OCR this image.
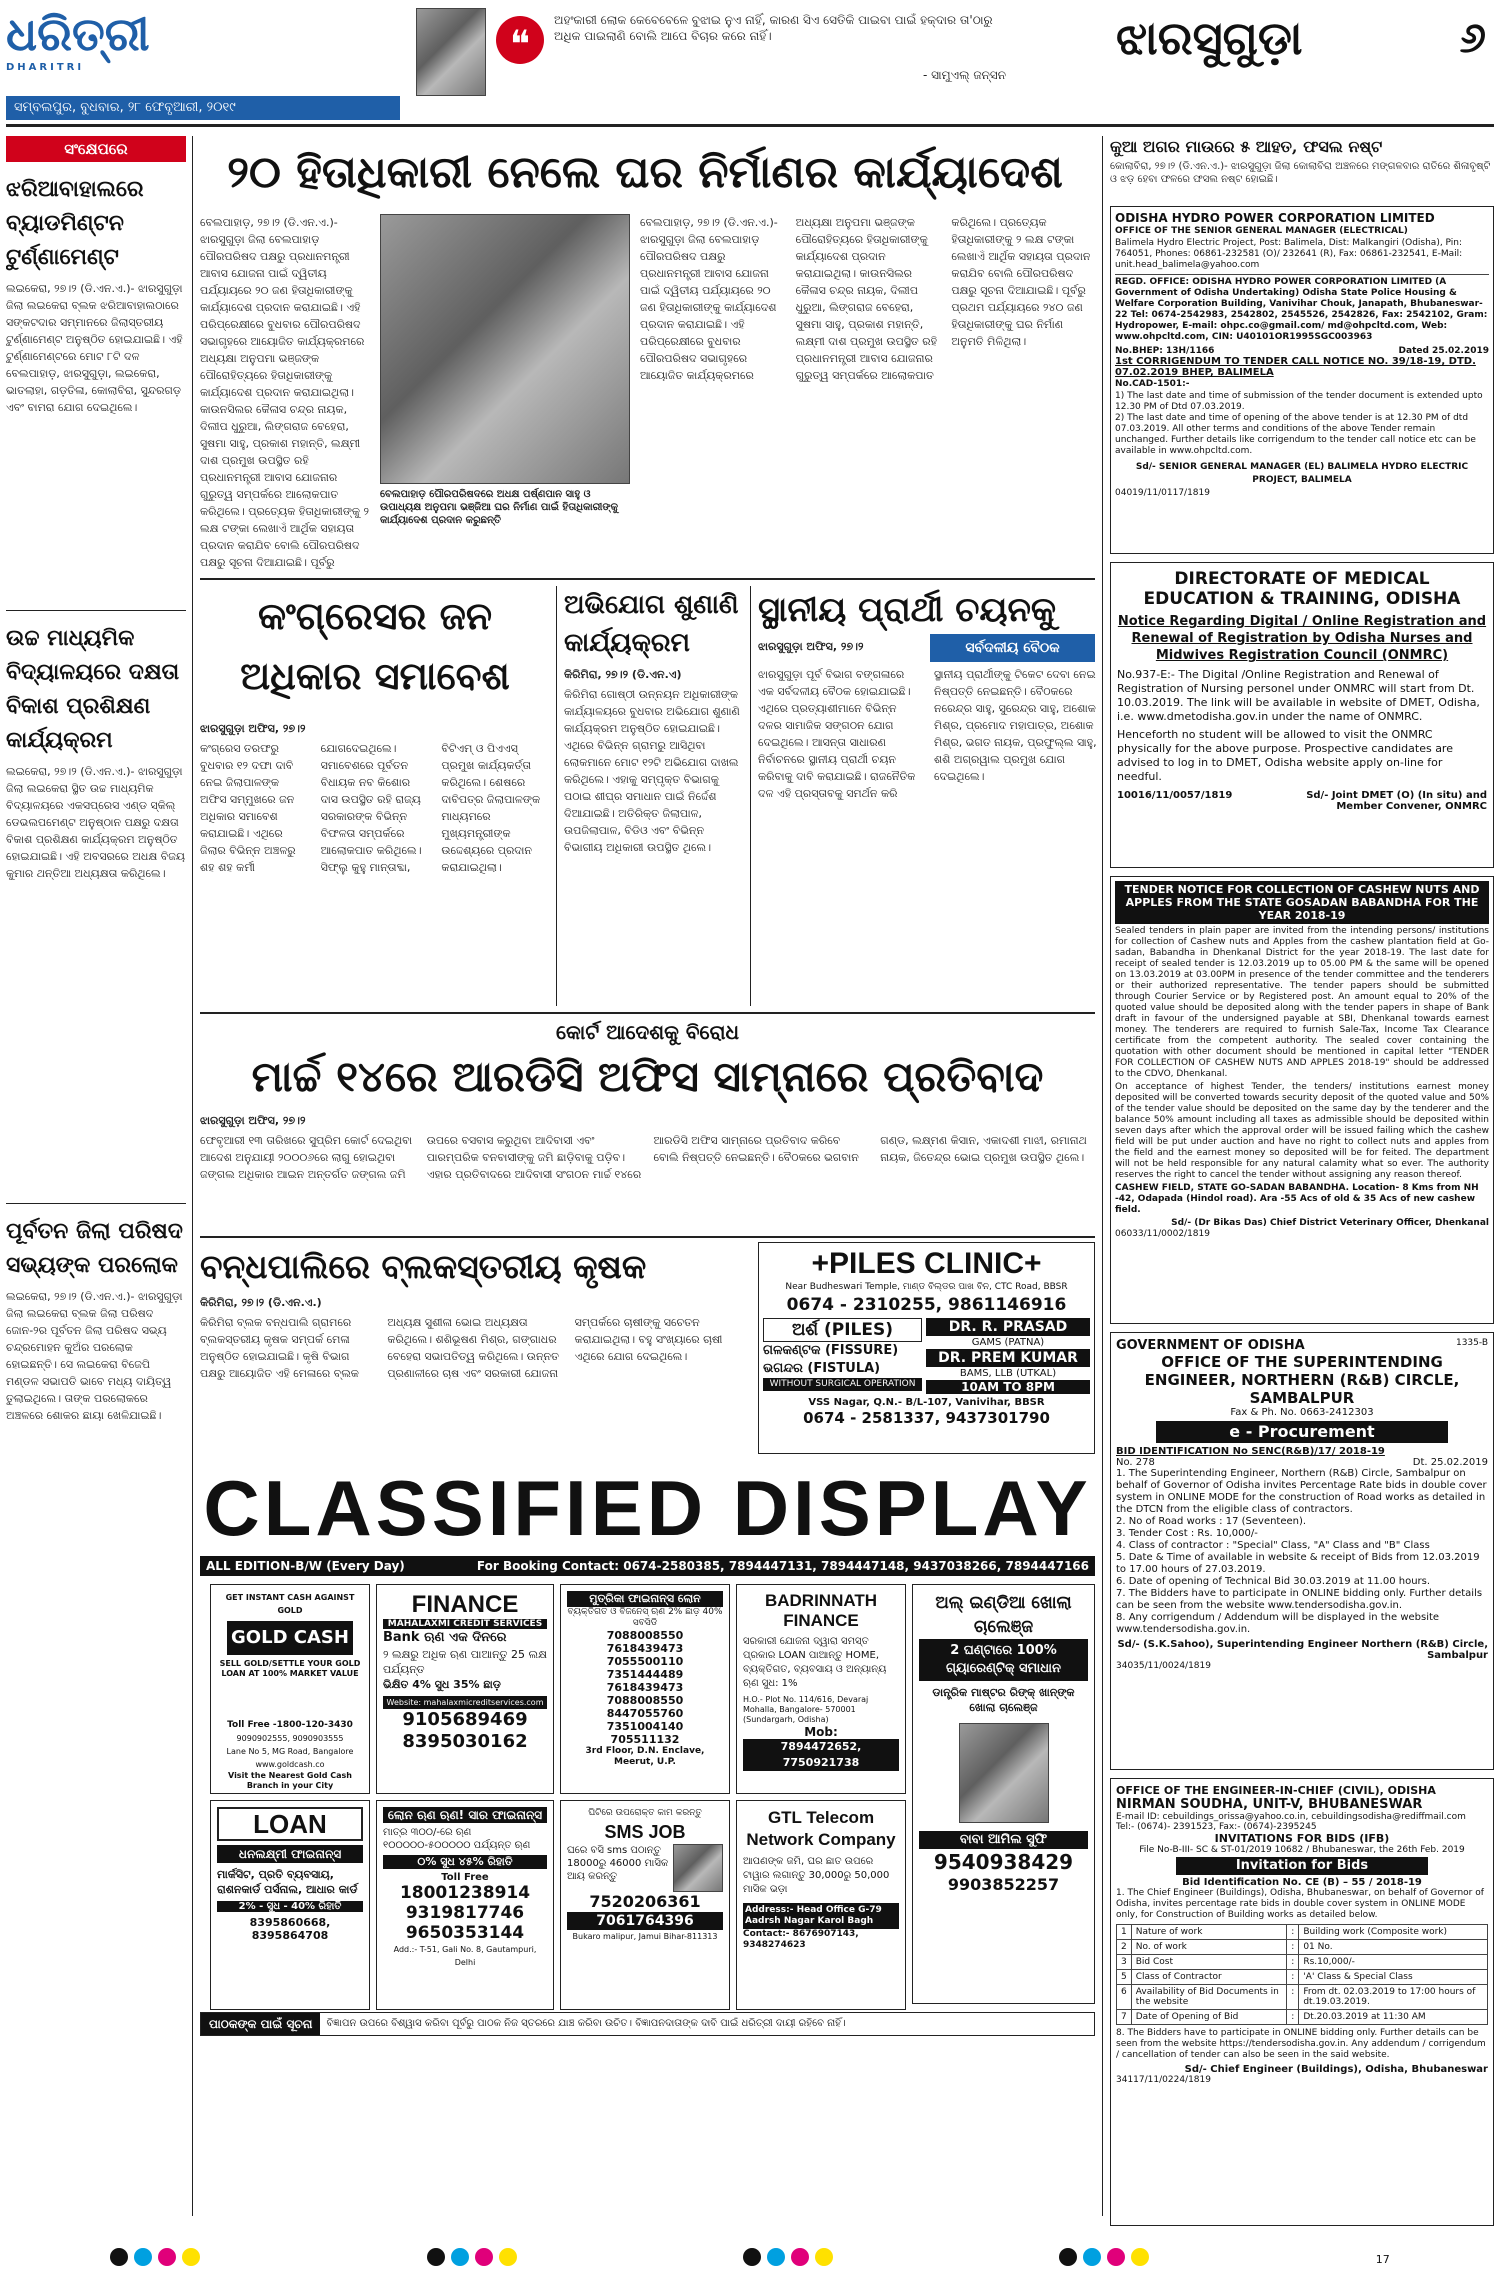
ଧରିତ୍ରୀ
DHARITRI
❝
ଅହଂକାରୀ ଲୋକ କେବେବେଳେ ବୁଝାଇ ନୁଏ ନାହିଁ, କାରଣ ସିଏ ସେତିକି ପାଇବା ପାଇଁ ହକ୍‌ଦାର ତା'ଠାରୁ ଅଧିକ ପାଇଲାଣି ବୋଲି ଆପେ ବିଚାର କରେ ନାହିଁ।
- ସାମୁଏଲ୍ ଜନ୍‌ସନ
ଝାରସୁଗୁଡ଼ା	୬
ସମ୍ବଲପୁର, ବୁଧବାର, ୨୮ ଫେବୃଆରୀ, ୨୦୧୯
ସଂକ୍ଷେପରେ
ଝରିଆବାହାଲରେ ବ୍ୟାଡମିଣ୍ଟନ ଟୁର୍ଣ୍ଣାମେଣ୍ଟ
ଲଇକେରା, ୨୭।୨ (ଡି.ଏନ.ଏ.)- ଝାରସୁଗୁଡ଼ା ଜିଲା ଲଇକେରା ବ୍ଲକ ଝରିଆବାହାଲଠାରେ ସଙ୍କଟଦାର ସମ୍ମାନରେ ଜିଲାସ୍ତରୀୟ ଟୁର୍ଣ୍ଣାମେଣ୍ଟ ଅନୁଷ୍ଠିତ ହୋଇଯାଇଛି। ଏହି ଟୁର୍ଣ୍ଣାମେଣ୍ଟରେ ମୋଟ ୮ଟି ଦଳ ବେଲପାହାଡ଼, ଝାରସୁଗୁଡ଼ା, ଲଇକେରା, ଭାତଲାହା, ଗଡ଼ତିଳା, କୋଲାବିରା, ସୁନ୍ଦରଗଡ଼ ଏବଂ ବାମରା ଯୋଗ ଦେଇଥିଲେ।
ଉଚ୍ଚ ମାଧ୍ୟମିକ ବିଦ୍ୟାଳୟରେ ଦକ୍ଷତା ବିକାଶ ପ୍ରଶିକ୍ଷଣ କାର୍ଯ୍ୟକ୍ରମ
ଲଇକେରା, ୨୭।୨ (ଡି.ଏନ.ଏ.)- ଝାରସୁଗୁଡ଼ା ଜିଲା ଲଇକେରା ସ୍ଥିତ ଉଚ୍ଚ ମାଧ୍ୟମିକ ବିଦ୍ୟାଳୟରେ ଏକସପ୍ରେସ ଏଣ୍ଡ ସ୍କିଲ୍ ଡେଭଲପମେଣ୍ଟ ଅନୁଷ୍ଠାନ ପକ୍ଷରୁ ଦକ୍ଷତା ବିକାଶ ପ୍ରଶିକ୍ଷଣ କାର୍ଯ୍ୟକ୍ରମ ଅନୁଷ୍ଠିତ ହୋଇଯାଇଛି। ଏହି ଅବସରରେ ଅଧକ୍ଷ ବିଜୟ କୁମାର ଥନ୍ତିଆ ଅଧ୍ୟକ୍ଷତା କରିଥିଲେ।
ପୂର୍ବତନ ଜିଲା ପରିଷଦ ସଭ୍ୟଙ୍କ ପରଲୋକ
ଲଇକେରା, ୨୭।୨ (ଡି.ଏନ.ଏ.)- ଝାରସୁଗୁଡ଼ା ଜିଲା ଲଇକେରା ବ୍ଲକ ଜିଲା ପରିଷଦ ଜୋନ-୨ର ପୂର୍ବତନ ଜିଲା ପରିଷଦ ସଭ୍ୟ ଚନ୍ଦ୍ରମୋହନ କୁଅଁର ପରଲୋକ ହୋଇଛନ୍ତି। ସେ ଲଇକେରା ବିଜେପି ମଣ୍ଡଳ ସଭାପତି ଭାବେ ମଧ୍ୟ ଦାୟିତ୍ୱ ତୁଲାଇଥିଲେ। ତାଙ୍କ ପରଲୋକରେ ଅଞ୍ଚଳରେ ଶୋକର ଛାୟା ଖେଳିଯାଇଛି।
୨୦ ହିତାଧିକାରୀ ନେଲେ ଘର ନିର୍ମାଣର କାର୍ଯ୍ୟାଦେଶ
ବେଲପାହାଡ଼ ପୌରପରିଷଦରେ ଅଧକ୍ଷ ପର୍ଷ୍ଣପାନ ସାହୁ ଓ ଉପାଧ୍ୟକ୍ଷ ଅନୁପମା ଭଞ୍ଜିଆ ଘର ନିର୍ମାଣ ପାଇଁ ହିତାଧିକାରୀଙ୍କୁ କାର୍ଯ୍ୟାଦେଶ ପ୍ରଦାନ କରୁଛନ୍ତି
ବେଲପାହାଡ଼, ୨୭।୨ (ଡି.ଏନ.ଏ.)- ଝାରସୁଗୁଡ଼ା ଜିଲା ବେଲପାହାଡ଼ ପୌରପରିଷଦ ପକ୍ଷରୁ ପ୍ରଧାନମନ୍ତ୍ରୀ ଆବାସ ଯୋଜନା ପାଇଁ ଦ୍ୱିତୀୟ ପର୍ଯ୍ୟାୟରେ ୨୦ ଜଣ ହିତାଧିକାରୀଙ୍କୁ କାର୍ଯ୍ୟାଦେଶ ପ୍ରଦାନ କରାଯାଇଛି। ଏହି ପରିପ୍ରେକ୍ଷୀରେ ବୁଧବାର ପୌରପରିଷଦ ସଭାଗୃହରେ ଆୟୋଜିତ କାର୍ଯ୍ୟକ୍ରମରେ ଅଧ୍ୟକ୍ଷା ଅନୁପମା ଭଞ୍ଜଙ୍କ ପୌରୋହିତ୍ୟରେ ହିତାଧିକାରୀଙ୍କୁ କାର୍ଯ୍ୟାଦେଶ ପ୍ରଦାନ କରାଯାଇଥିଲା। କାଉନସିଲର କୈଳାସ ଚନ୍ଦ୍ର ନାୟକ, ଦିଲୀପ ଧୁରୁଆ, ଲିଙ୍ଗରାଜ ବେହେରା, ସୁଷମା ସାହୁ, ପ୍ରକାଶ ମହାନ୍ତି, ଲକ୍ଷ୍ମୀ ଦାଶ ପ୍ରମୁଖ ଉପସ୍ଥିତ ରହି ପ୍ରଧାନମନ୍ତ୍ରୀ ଆବାସ ଯୋଜନାର ଗୁରୁତ୍ୱ ସମ୍ପର୍କରେ ଆଲୋକପାତ କରିଥିଲେ। ପ୍ରତ୍ୟେକ ହିତାଧିକାରୀଙ୍କୁ ୨ ଲକ୍ଷ ଟଙ୍କା ଲେଖାଏଁ ଆର୍ଥିକ ସହାୟତା ପ୍ରଦାନ କରାଯିବ ବୋଲି ପୌରପରିଷଦ ପକ୍ଷରୁ ସୂଚନା ଦିଆଯାଇଛି। ପୂର୍ବରୁ
ବେଲପାହାଡ଼, ୨୭।୨ (ଡି.ଏନ.ଏ.)- ଝାରସୁଗୁଡ଼ା ଜିଲା ବେଲପାହାଡ଼ ପୌରପରିଷଦ ପକ୍ଷରୁ ପ୍ରଧାନମନ୍ତ୍ରୀ ଆବାସ ଯୋଜନା ପାଇଁ ଦ୍ୱିତୀୟ ପର୍ଯ୍ୟାୟରେ ୨୦ ଜଣ ହିତାଧିକାରୀଙ୍କୁ କାର୍ଯ୍ୟାଦେଶ ପ୍ରଦାନ କରାଯାଇଛି। ଏହି ପରିପ୍ରେକ୍ଷୀରେ ବୁଧବାର ପୌରପରିଷଦ ସଭାଗୃହରେ ଆୟୋଜିତ କାର୍ଯ୍ୟକ୍ରମରେ ଅଧ୍ୟକ୍ଷା ଅନୁପମା ଭଞ୍ଜଙ୍କ ପୌରୋହିତ୍ୟରେ ହିତାଧିକାରୀଙ୍କୁ କାର୍ଯ୍ୟାଦେଶ ପ୍ରଦାନ କରାଯାଇଥିଲା। କାଉନସିଲର କୈଳାସ ଚନ୍ଦ୍ର ନାୟକ, ଦିଲୀପ ଧୁରୁଆ, ଲିଙ୍ଗରାଜ ବେହେରା, ସୁଷମା ସାହୁ, ପ୍ରକାଶ ମହାନ୍ତି, ଲକ୍ଷ୍ମୀ ଦାଶ ପ୍ରମୁଖ ଉପସ୍ଥିତ ରହି ପ୍ରଧାନମନ୍ତ୍ରୀ ଆବାସ ଯୋଜନାର ଗୁରୁତ୍ୱ ସମ୍ପର୍କରେ ଆଲୋକପାତ କରିଥିଲେ। ପ୍ରତ୍ୟେକ ହିତାଧିକାରୀଙ୍କୁ ୨ ଲକ୍ଷ ଟଙ୍କା ଲେଖାଏଁ ଆର୍ଥିକ ସହାୟତା ପ୍ରଦାନ କରାଯିବ ବୋଲି ପୌରପରିଷଦ ପକ୍ଷରୁ ସୂଚନା ଦିଆଯାଇଛି। ପୂର୍ବରୁ ପ୍ରଥମ ପର୍ଯ୍ୟାୟରେ ୨୪୦ ଜଣ ହିତାଧିକାରୀଙ୍କୁ ଘର ନିର୍ମାଣ ଅନୁମତି ମିଳିଥିଲା।
କଂଗ୍ରେସର ଜନ ଅଧିକାର ସମାବେଶ
ଝାରସୁଗୁଡ଼ା ଅଫିସ, ୨୭।୨
କଂଗ୍ରେସ ତରଫରୁ ବୁଧବାର ୧୨ ଦଫା ଦାବି ନେଇ ଜିଲାପାଳଙ୍କ ଅଫିସ ସମ୍ମୁଖରେ ଜନ ଅଧିକାର ସମାବେଶ କରାଯାଇଛି। ଏଥିରେ ଜିଲାର ବିଭିନ୍ନ ଅଞ୍ଚଳରୁ ଶହ ଶହ କର୍ମୀ ଯୋଗଦେଇଥିଲେ। ସମାବେଶରେ ପୂର୍ବତନ ବିଧାୟକ ନବ କିଶୋର ଦାସ ଉପସ୍ଥିତ ରହି ରାଜ୍ୟ ସରକାରଙ୍କ ବିଭିନ୍ନ ବିଫଳତା ସମ୍ପର୍କରେ ଆଲୋକପାତ କରିଥିଲେ। ସିଫ୍ଲୁ କୁହୁ ମାନ୍ତାବ୍ଦା, ବିଟିଏମ୍ ଓ ପିଏଏସ୍ ପ୍ରମୁଖ କାର୍ଯ୍ୟକର୍ତ୍ତା କରିଥିଲେ। ଶେଷରେ ଦାବିପତ୍ର ଜିଲାପାଳଙ୍କ ମାଧ୍ୟମରେ ମୁଖ୍ୟମନ୍ତ୍ରୀଙ୍କ ଉଦ୍ଦେଶ୍ୟରେ ପ୍ରଦାନ କରାଯାଇଥିଲା।
ଅଭିଯୋଗ ଶୁଣାଣି କାର୍ଯ୍ୟକ୍ରମ
କିରିମିରା, ୨୭।୨ (ଡି.ଏନ.ଏ)
କିରିମିରା ଗୋଷ୍ଠୀ ଉନ୍ନୟନ ଅଧିକାରୀଙ୍କ କାର୍ଯ୍ୟାଳୟରେ ବୁଧବାର ଅଭିଯୋଗ ଶୁଣାଣି କାର୍ଯ୍ୟକ୍ରମ ଅନୁଷ୍ଠିତ ହୋଇଯାଇଛି। ଏଥିରେ ବିଭିନ୍ନ ଗ୍ରାମରୁ ଆସିଥିବା ଲୋକମାନେ ମୋଟ ୧୨ଟି ଅଭିଯୋଗ ଦାଖଲ କରିଥିଲେ। ଏହାକୁ ସମ୍ପୃକ୍ତ ବିଭାଗକୁ ପଠାଇ ଶୀଘ୍ର ସମାଧାନ ପାଇଁ ନିର୍ଦ୍ଦେଶ ଦିଆଯାଇଛି। ଅତିରିକ୍ତ ଜିଲାପାଳ, ଉପଜିଲାପାଳ, ବିଡିଓ ଏବଂ ବିଭିନ୍ନ ବିଭାଗୀୟ ଅଧିକାରୀ ଉପସ୍ଥିତ ଥିଲେ।
ସ୍ଥାନୀୟ ପ୍ରାର୍ଥୀ ଚୟନକୁ
ଝାରସୁଗୁଡ଼ା ଅଫିସ, ୨୭।୨	ସର୍ବଦଳୀୟ ବୈଠକ
ଝାରସୁଗୁଡ଼ା ପୂର୍ବ ବିଭାଗ ବଙ୍ଗଳାରେ ଏକ ସର୍ବଦଳୀୟ ବୈଠକ ହୋଇଯାଇଛି। ଏଥିରେ ପ୍ରତ୍ୟାଶୀମାନେ ବିଭିନ୍ନ ଦଳର ସାମାଜିକ ସଙ୍ଗଠନ ଯୋଗ ଦେଇଥିଲେ। ଆସନ୍ତା ସାଧାରଣ ନିର୍ବାଚନରେ ସ୍ଥାନୀୟ ପ୍ରାର୍ଥୀ ଚୟନ କରିବାକୁ ଦାବି କରାଯାଇଛି। ରାଜନୈତିକ ଦଳ ଏହି ପ୍ରସ୍ତାବକୁ ସମର୍ଥନ କରି ସ୍ଥାନୀୟ ପ୍ରାର୍ଥୀଙ୍କୁ ଟିକେଟ ଦେବା ନେଇ ନିଷ୍ପତ୍ତି ନେଇଛନ୍ତି। ବୈଠକରେ ନରେନ୍ଦ୍ର ସାହୁ, ସୁରେନ୍ଦ୍ର ସାହୁ, ଅଶୋକ ମିଶ୍ର, ପ୍ରମୋଦ ମହାପାତ୍ର, ଅଶୋକ ମିଶ୍ର, ଭଗତ ନାୟକ, ପ୍ରଫୁଲ୍ଲ ସାହୁ, ଶଶି ଅଗ୍ରୱାଲ ପ୍ରମୁଖ ଯୋଗ ଦେଇଥିଲେ।
କୋର୍ଟ ଆଦେଶକୁ ବିରୋଧ
ମାର୍ଚ୍ଚ ୧୪ରେ ଆରଡିସି ଅଫିସ ସାମ୍ନାରେ ପ୍ରତିବାଦ
ଝାରସୁଗୁଡ଼ା ଅଫିସ, ୨୭।୨
ଫେବୃଆରୀ ୧୩ ତାରିଖରେ ସୁପ୍ରିମ କୋର୍ଟ ଦେଇଥିବା ଆଦେଶ ଅନୁଯାୟୀ ୨୦୦୦୬ରେ ଲାଗୁ ହୋଇଥିବା ଜଙ୍ଗଲ ଅଧିକାର ଆଇନ ଅନ୍ତର୍ଗତ ଜଙ୍ଗଲ ଜମି ଉପରେ ବସବାସ କରୁଥିବା ଆଦିବାସୀ ଏବଂ ପାରମ୍ପରିକ ବନବାସୀଙ୍କୁ ଜମି ଛାଡ଼ିବାକୁ ପଡ଼ିବ। ଏହାର ପ୍ରତିବାଦରେ ଆଦିବାସୀ ସଂଗଠନ ମାର୍ଚ୍ଚ ୧୪ରେ ଆରଡିସି ଅଫିସ ସାମ୍ନାରେ ପ୍ରତିବାଦ କରିବେ ବୋଲି ନିଷ୍ପତ୍ତି ନେଇଛନ୍ତି। ବୈଠକରେ ଭଗବାନ ଗଣ୍ଡ, ଲକ୍ଷ୍ମଣ କିସାନ, ଏକାଦଶୀ ମାଝୀ, ରମାନାଥ ନାୟକ, ଜିତେନ୍ଦ୍ର ଭୋଇ ପ୍ରମୁଖ ଉପସ୍ଥିତ ଥିଲେ।
ବନ୍ଧପାଲିରେ ବ୍ଲକସ୍ତରୀୟ କୃଷକ
କିରିମିରା, ୨୭।୨ (ଡି.ଏନ.ଏ.)
କିରିମିରା ବ୍ଲକ ବନ୍ଧପାଲି ଗ୍ରାମରେ ବ୍ଲକସ୍ତରୀୟ କୃଷକ ସମ୍ପର୍କ ମେଳା ଅନୁଷ୍ଠିତ ହୋଇଯାଇଛି। କୃଷି ବିଭାଗ ପକ୍ଷରୁ ଆୟୋଜିତ ଏହି ମେଳାରେ ବ୍ଲକ ଅଧ୍ୟକ୍ଷ ସୁଶୀଳା ଭୋଇ ଅଧ୍ୟକ୍ଷତା କରିଥିଲେ। ଶଶିଭୂଷଣ ମିଶ୍ର, ଗଙ୍ଗାଧର ବେହେରା ସଭାପତିତ୍ୱ କରିଥିଲେ। ଉନ୍ନତ ପ୍ରଣାଳୀରେ ଚାଷ ଏବଂ ସରକାରୀ ଯୋଜନା ସମ୍ପର୍କରେ ଚାଷୀଙ୍କୁ ସଚେତନ କରାଯାଇଥିଲା। ବହୁ ସଂଖ୍ୟାରେ ଚାଷୀ ଏଥିରେ ଯୋଗ ଦେଇଥିଲେ।
+PILES CLINIC+
Near Budheswari Temple, ମାଣ୍ଡ ବିଲ୍ଡର ପାଖ ବିନ, CTC Road, BBSR
0674 - 2310255, 9861146916
ଅର୍ଶ (PILES)
ଗଳକଣ୍ଟକ (FISSURE)
ଭଗନ୍ଦର (FISTULA)
WITHOUT SURGICAL OPERATION
DR. R. PRASAD
GAMS (PATNA)
DR. PREM KUMAR
BAMS, LLB (UTKAL)
10AM TO 8PM
VSS Nagar, Q.N.- B/L-107, Vanivihar, BBSR
0674 - 2581337, 9437301790
କୁଆ ଅଗର ମାଉରେ ୫ ଆହତ, ଫସଲ ନଷ୍ଟ
କୋଲାବିରା, ୨୭।୨ (ଡି.ଏନ.ଏ.)- ଝାରସୁଗୁଡ଼ା ଜିଲା କୋଲାବିରା ଅଞ୍ଚଳରେ ମଙ୍ଗଳବାର ରାତିରେ ଶିଳାବୃଷ୍ଟି ଓ ଝଡ଼ ହେବା ଫଳରେ ଫସଲ ନଷ୍ଟ ହୋଇଛି।
ODISHA HYDRO POWER CORPORATION LIMITED
OFFICE OF THE SENIOR GENERAL MANAGER (ELECTRICAL)
Balimela Hydro Electric Project, Post: Balimela, Dist: Malkangiri (Odisha), Pin: 764051, Phones: 06861-232581 (O)/ 232641 (R), Fax: 06861-232541, E-Mail: unit.head_balimela@yahoo.com
REGD. OFFICE: ODISHA HYDRO POWER CORPORATION LIMITED (A Government of Odisha Undertaking) Odisha State Police Housing & Welfare Corporation Building, Vanivihar Chouk, Janapath, Bhubaneswar-22 Tel: 0674-2542983, 2542802, 2545526, 2542826, Fax: 2542102, Gram: Hydropower, E-mail: ohpc.co@gmail.com/ md@ohpcltd.com, Web: www.ohpcltd.com, CIN: U40101OR1995SGC003963
No.BHEP: 13H/1166	Dated 25.02.2019
1st CORRIGENDUM TO TENDER CALL NOTICE NO. 39/18-19, DTD. 07.02.2019 BHEP, BALIMELA
No.CAD-1501:-
1) The last date and time of submission of the tender document is extended upto 12.30 PM of Dtd 07.03.2019.
2) The last date and time of opening of the above tender is at 12.30 PM of dtd 07.03.2019. All other terms and conditions of the above Tender remain unchanged. Further details like corrigendum to the tender call notice etc can be available in www.ohpcltd.com.
Sd/- SENIOR GENERAL MANAGER (EL) BALIMELA HYDRO ELECTRIC PROJECT, BALIMELA
04019/11/0117/1819
DIRECTORATE OF MEDICAL EDUCATION & TRAINING, ODISHA
Notice Regarding Digital / Online Registration and Renewal of Registration by Odisha Nurses and Midwives Registration Council (ONMRC)
No.937-E:- The Digital /Online Registration and Renewal of Registration of Nursing personel under ONMRC will start from Dt. 10.03.2019. The link will be available in website of DMET, Odisha, i.e. www.dmetodisha.gov.in under the name of ONMRC.
Henceforth no student will be allowed to visit the ONMRC physically for the above purpose. Prospective candidates are advised to log in to DMET, Odisha website apply on-line for needful.
10016/11/0057/1819	Sd/- Joint DMET (O) (In situ) and Member Convener, ONMRC
TENDER NOTICE FOR COLLECTION OF CASHEW NUTS AND APPLES FROM THE STATE GOSADAN BABANDHA FOR THE YEAR 2018-19
Sealed tenders in plain paper are invited from the intending persons/ institutions for collection of Cashew nuts and Apples from the cashew plantation field at Go-sadan, Babandha in Dhenkanal District for the year 2018-19. The last date for receipt of sealed tender is 12.03.2019 up to 05.00 PM & the same will be opened on 13.03.2019 at 03.00PM in presence of the tender committee and the tenderers or their authorized representative. The tender papers should be submitted through Courier Service or by Registered post. An amount equal to 20% of the quoted value should be deposited along with the tender papers in shape of Bank draft in favour of the undersigned payable at SBI, Dhenkanal towards earnest money. The tenderers are required to furnish Sale-Tax, Income Tax Clearance certificate from the competent authority. The sealed cover containing the quotation with other document should be mentioned in capital letter "TENDER FOR COLLECTION OF CASHEW NUTS AND APPLES 2018-19" should be addressed to the CDVO, Dhenkanal.
On acceptance of highest Tender, the tenders/ institutions earnest money deposited will be converted towards security deposit of the quoted value and 50% of the tender value should be deposited on the same day by the tenderer and the balance 50% amount including all taxes as admissible should be deposited within seven days after which the approval order will be issued failing which the cashew field will be put under auction and have no right to collect nuts and apples from the field and the earnest money so deposited will be for feited. The department will not be held responsible for any natural calamity what so ever. The authority reserves the right to cancel the tender without assigning any reason thereof.
CASHEW FIELD, STATE GO-SADAN BABANDHA. Location- 8 Kms from NH -42, Odapada (Hindol road). Ara -55 Acs of old & 35 Acs of new cashew field.
Sd/- (Dr Bikas Das) Chief District Veterinary Officer, Dhenkanal
06033/11/0002/1819
GOVERNMENT OF ODISHA	1335-B
OFFICE OF THE SUPERINTENDING ENGINEER, NORTHERN (R&B) CIRCLE, SAMBALPUR
Fax & Ph. No. 0663-2412303
e - Procurement
BID IDENTIFICATION No SENC(R&B)/17/ 2018-19
No. 278	Dt. 25.02.2019
1. The Superintending Engineer, Northern (R&B) Circle, Sambalpur on behalf of Governor of Odisha invites Percentage Rate bids in double cover system in ONLINE MODE for the construction of Road works as detailed in the DTCN from the eligible class of contractors.
2. No of Road works : 17 (Seventeen).
3. Tender Cost : Rs. 10,000/-
4. Class of contractor : "Special" Class, "A" Class and "B" Class
5. Date & Time of available in website & receipt of Bids from 12.03.2019 to 17.00 hours of 27.03.2019.
6. Date of opening of Technical Bid 30.03.2019 at 11.00 hours.
7. The Bidders have to participate in ONLINE bidding only. Further details can be seen from the website www.tendersodisha.gov.in.
8. Any corrigendum / Addendum will be displayed in the website www.tendersodisha.gov.in.
Sd/- (S.K.Sahoo), Superintending Engineer Northern (R&B) Circle, Sambalpur
34035/11/0024/1819
OFFICE OF THE ENGINEER-IN-CHIEF (CIVIL), ODISHA
NIRMAN SOUDHA, UNIT-V, BHUBANESWAR
E-mail ID: cebuildings_orissa@yahoo.co.in, cebuildingsodisha@rediffmail.com
Tel:- (0674)- 2391523, Fax:- (0674)-2395245
INVITATIONS FOR BIDS (IFB)
File No-B-III- SC & ST-01/2019 10682 / Bhubaneswar, the 26th Feb. 2019
Invitation for Bids
Bid Identification No. CE (B) – 55 / 2018-19
1. The Chief Engineer (Buildings), Odisha, Bhubaneswar, on behalf of Governor of Odisha, invites percentage rate bids in double cover system in ONLINE MODE only, for Construction of Building works as detailed below.
1	Nature of work	:	Building work (Composite work)
2	No. of work	:	01 No.
3	Bid Cost	:	Rs.10,000/-
5	Class of Contractor	:	'A' Class & Special Class
6	Availability of Bid Documents in the website	:	From dt. 02.03.2019 to 17:00 hours of dt.19.03.2019.
7	Date of Opening of Bid	:	Dt.20.03.2019 at 11:30 AM
8. The Bidders have to participate in ONLINE bidding only. Further details can be seen from the website https://tendersodisha.gov.in. Any addendum / corrigendum / cancellation of tender can also be seen in the said website.
Sd/- Chief Engineer (Buildings), Odisha, Bhubaneswar
34117/11/0224/1819
CLASSIFIED DISPLAY
ALL EDITION-B/W (Every Day)	For Booking Contact: 0674-2580385, 7894447131, 7894447148, 9437038266, 7894447166
GET INSTANT CASH AGAINST GOLD
GOLD CASH
SELL GOLD/SETTLE YOUR GOLD LOAN AT 100% MARKET VALUE
Toll Free -1800-120-3430
9090902555, 9090903555
Lane No 5, MG Road, Bangalore
www.goldcash.co
Visit the Nearest Gold Cash Branch in your City
FINANCE
MAHALAXMI CREDIT SERVICES
Bank ଋଣ ଏକ ଦିନରେ
୨ ଲକ୍ଷରୁ ଅଧିକ ଋଣ ପାଆନ୍ତୁ 25 ଲକ୍ଷ ପର୍ଯ୍ୟନ୍ତ
ଭିକ୍ଷିତ 4% ସୁଧ 35% ଛାଡ଼
Website: mahalaxmicreditservices.com
9105689469
8395030162
ମୁତ୍ରିକା ଫାଇନାନ୍ସ ଲୋନ
ବ୍ୟକ୍ତିଗତ ଓ ବିଜନେସ୍ ଋଣ 2% ଛାଡ଼ 40% ସବସିଡି
7088008550
7618439473
7055500110
7351444489
7618439473
7088008550
8447055760
7351004140
705511132
3rd Floor, D.N. Enclave, Meerut, U.P.
BADRINNATH FINANCE
ସରକାରୀ ଯୋଜନା ଦ୍ୱାରା ସମସ୍ତ ପ୍ରକାର LOAN ପାଆନ୍ତୁ HOME, ବ୍ୟକ୍ତିଗତ, ବ୍ୟବସାୟ ଓ ଅନ୍ୟାନ୍ୟ ଋଣ ସୁଧ: 1%
H.O.- Plot No. 114/616, Devaraj Mohalla, Bangalore- 570001 (Sundargarh, Odisha)
Mob:
7894472652, 7750921738
ଅଲ୍ ଇଣ୍ଡିଆ ଖୋଲା ଚାଲେଞ୍ଜ
2 ଘଣ୍ଟାରେ 100% ଗ୍ୟାରେଣ୍ଟିକ୍ ସମାଧାନ
ଡାନ୍ତ୍ରିକ ମାଷ୍ଟର ରିଙ୍କ୍ ଖାନ୍ଙ୍କ ଖୋଲା ଚାଲେଞ୍ଜ
ବାବା ଆମିଲ ସୁଫି
9540938429
9903852257
LOAN
ଧନଲକ୍ଷ୍ମୀ ଫାଇନାନ୍ସ
ମାର୍କସିଟ, ପ୍ରତି ବ୍ୟବସାୟ, ରାଶନକାର୍ଡ ପର୍ସନାଲ, ଆଧାର କାର୍ଡ
2% - ସୁଧ - 40% ରିହାତି
8395860668, 8395864708
ଲୋନ ଋଣ ଋଣ! ସାର ଫାଇନାନ୍ସ
ମାତ୍ର ୩୦୦/-ରେ ଋଣ ୧୦୦୦୦୦-୫୦୦୦୦୦ ପର୍ଯ୍ୟନ୍ତ ଋଣ
୦% ସୁଧ ୪୫% ରିହାତି
Toll Free
18001238914
9319817746
9650353144
Add.:- T-51, Gali No. 8, Gautampuri, Delhi
ଘିଟିରେ ଉପରୋକ୍ତ କାମ କରନ୍ତୁ
SMS JOB
ଘରେ ବସି sms ପଠାନ୍ତୁ 18000ରୁ 46000 ମାସିକ ଆୟ କରନ୍ତୁ
7520206361
7061764396
Bukaro malipur, Jamui Bihar-811313
GTL Telecom Network Company
ଆପଣଙ୍କ ଜମି, ଘର ଛାତ ଉପରେ ଟାୱାର ଲଗାନ୍ତୁ 30,000ରୁ 50,000 ମାସିକ ଭଡ଼ା
Address:- Head Office G-79 Aadrsh Nagar Karol Bagh
Contact:- 8676907143, 9348274623
ପାଠକଙ୍କ ପାଇଁ ସୂଚନା	ବିଜ୍ଞାପନ ଉପରେ ବିଶ୍ୱାସ କରିବା ପୂର୍ବରୁ ପାଠକ ନିଜ ସ୍ତରରେ ଯାଞ୍ଚ କରିବା ଉଚିତ। ବିଜ୍ଞାପନଦାତାଙ୍କ ଦାବି ପାଇଁ ଧରିତ୍ରୀ ଦାୟୀ ରହିବେ ନାହିଁ।
17
